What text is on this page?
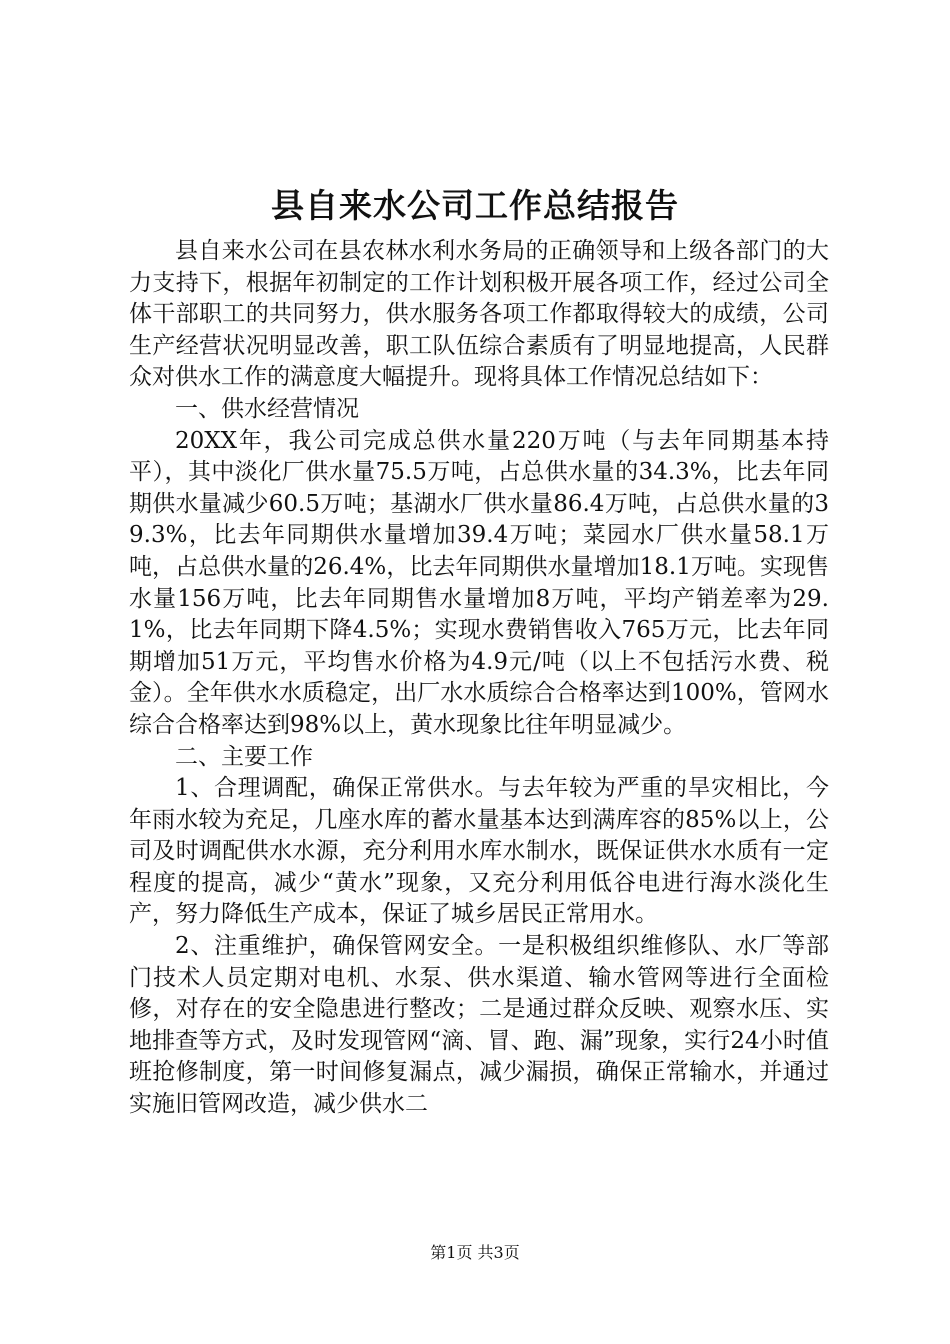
县自来水公司工作总结报告

县自来水公司在县农林水利水务局的正确领导和上级各部门的大力支持下，根据年初制定的工作计划积极开展各项工作，经过公司全体干部职工的共同努力，供水服务各项工作都取得较大的成绩，公司生产经营状况明显改善，职工队伍综合素质有了明显地提高，人民群众对供水工作的满意度大幅提升。现将具体工作情况总结如下：

一、供水经营情况

20XX年，我公司完成总供水量220万吨（与去年同期基本持平），其中淡化厂供水量75.5万吨，占总供水量的34.3%，比去年同期供水量减少60.5万吨；基湖水厂供水量86.4万吨，占总供水量的39.3%，比去年同期供水量增加39.4万吨；菜园水厂供水量58.1万吨，占总供水量的26.4%，比去年同期供水量增加18.1万吨。实现售水量156万吨，比去年同期售水量增加8万吨，平均产销差率为29.1%，比去年同期下降4.5%；实现水费销售收入765万元，比去年同期增加51万元，平均售水价格为4.9元/吨（以上不包括污水费、税金）。全年供水水质稳定，出厂水水质综合合格率达到100%，管网水综合合格率达到98%以上，黄水现象比往年明显减少。

二、主要工作

1、合理调配，确保正常供水。与去年较为严重的旱灾相比，今年雨水较为充足，几座水库的蓄水量基本达到满库容的85%以上，公司及时调配供水水源，充分利用水库水制水，既保证供水水质有一定程度的提高，减少“黄水”现象，又充分利用低谷电进行海水淡化生产，努力降低生产成本，保证了城乡居民正常用水。

2、注重维护，确保管网安全。一是积极组织维修队、水厂等部门技术人员定期对电机、水泵、供水渠道、输水管网等进行全面检修，对存在的安全隐患进行整改；二是通过群众反映、观察水压、实地排查等方式，及时发现管网“滴、冒、跑、漏”现象，实行24小时值班抢修制度，第一时间修复漏点，减少漏损，确保正常输水，并通过实施旧管网改造，减少供水二

第1页 共3页
